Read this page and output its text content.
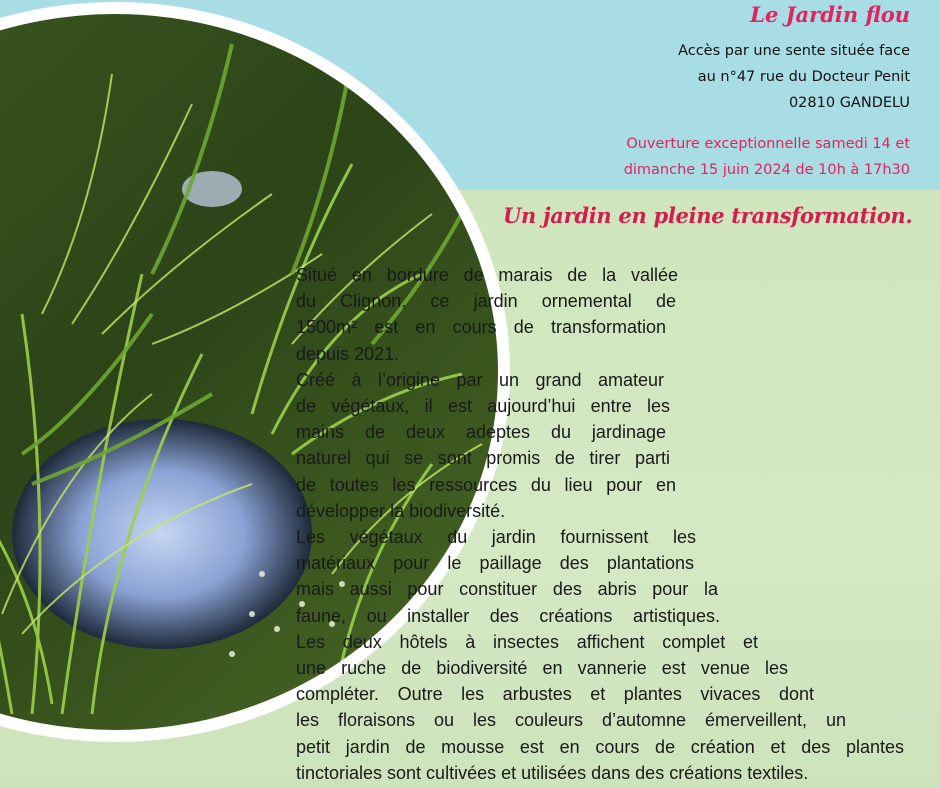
Le Jardin flou
Accès par une sente située face
au n°47 rue du Docteur Penit
02810 GANDELU
Ouverture exceptionnelle samedi 14 et
dimanche 15 juin 2024 de 10h à 17h30
Un jardin en pleine transformation.
Situé en bordure de marais de la vallée
du Clignon, ce jardin ornemental de
1500m² est en cours de transformation
depuis 2021.
Créé à l’origine par un grand amateur
de végétaux, il est aujourd’hui entre les
mains de deux adeptes du jardinage
naturel qui se sont promis de tirer parti
de toutes les ressources du lieu pour en
développer la biodiversité.
Les végétaux du jardin fournissent les
matériaux pour le paillage des plantations
mais aussi pour constituer des abris pour la
faune, ou installer des créations artistiques.
Les deux hôtels à insectes affichent complet et
une ruche de biodiversité en vannerie est venue les
compléter. Outre les arbustes et plantes vivaces dont
les floraisons ou les couleurs d’automne émerveillent, un
petit jardin de mousse est en cours de création et des plantes
tinctoriales sont cultivées et utilisées dans des créations textiles.
